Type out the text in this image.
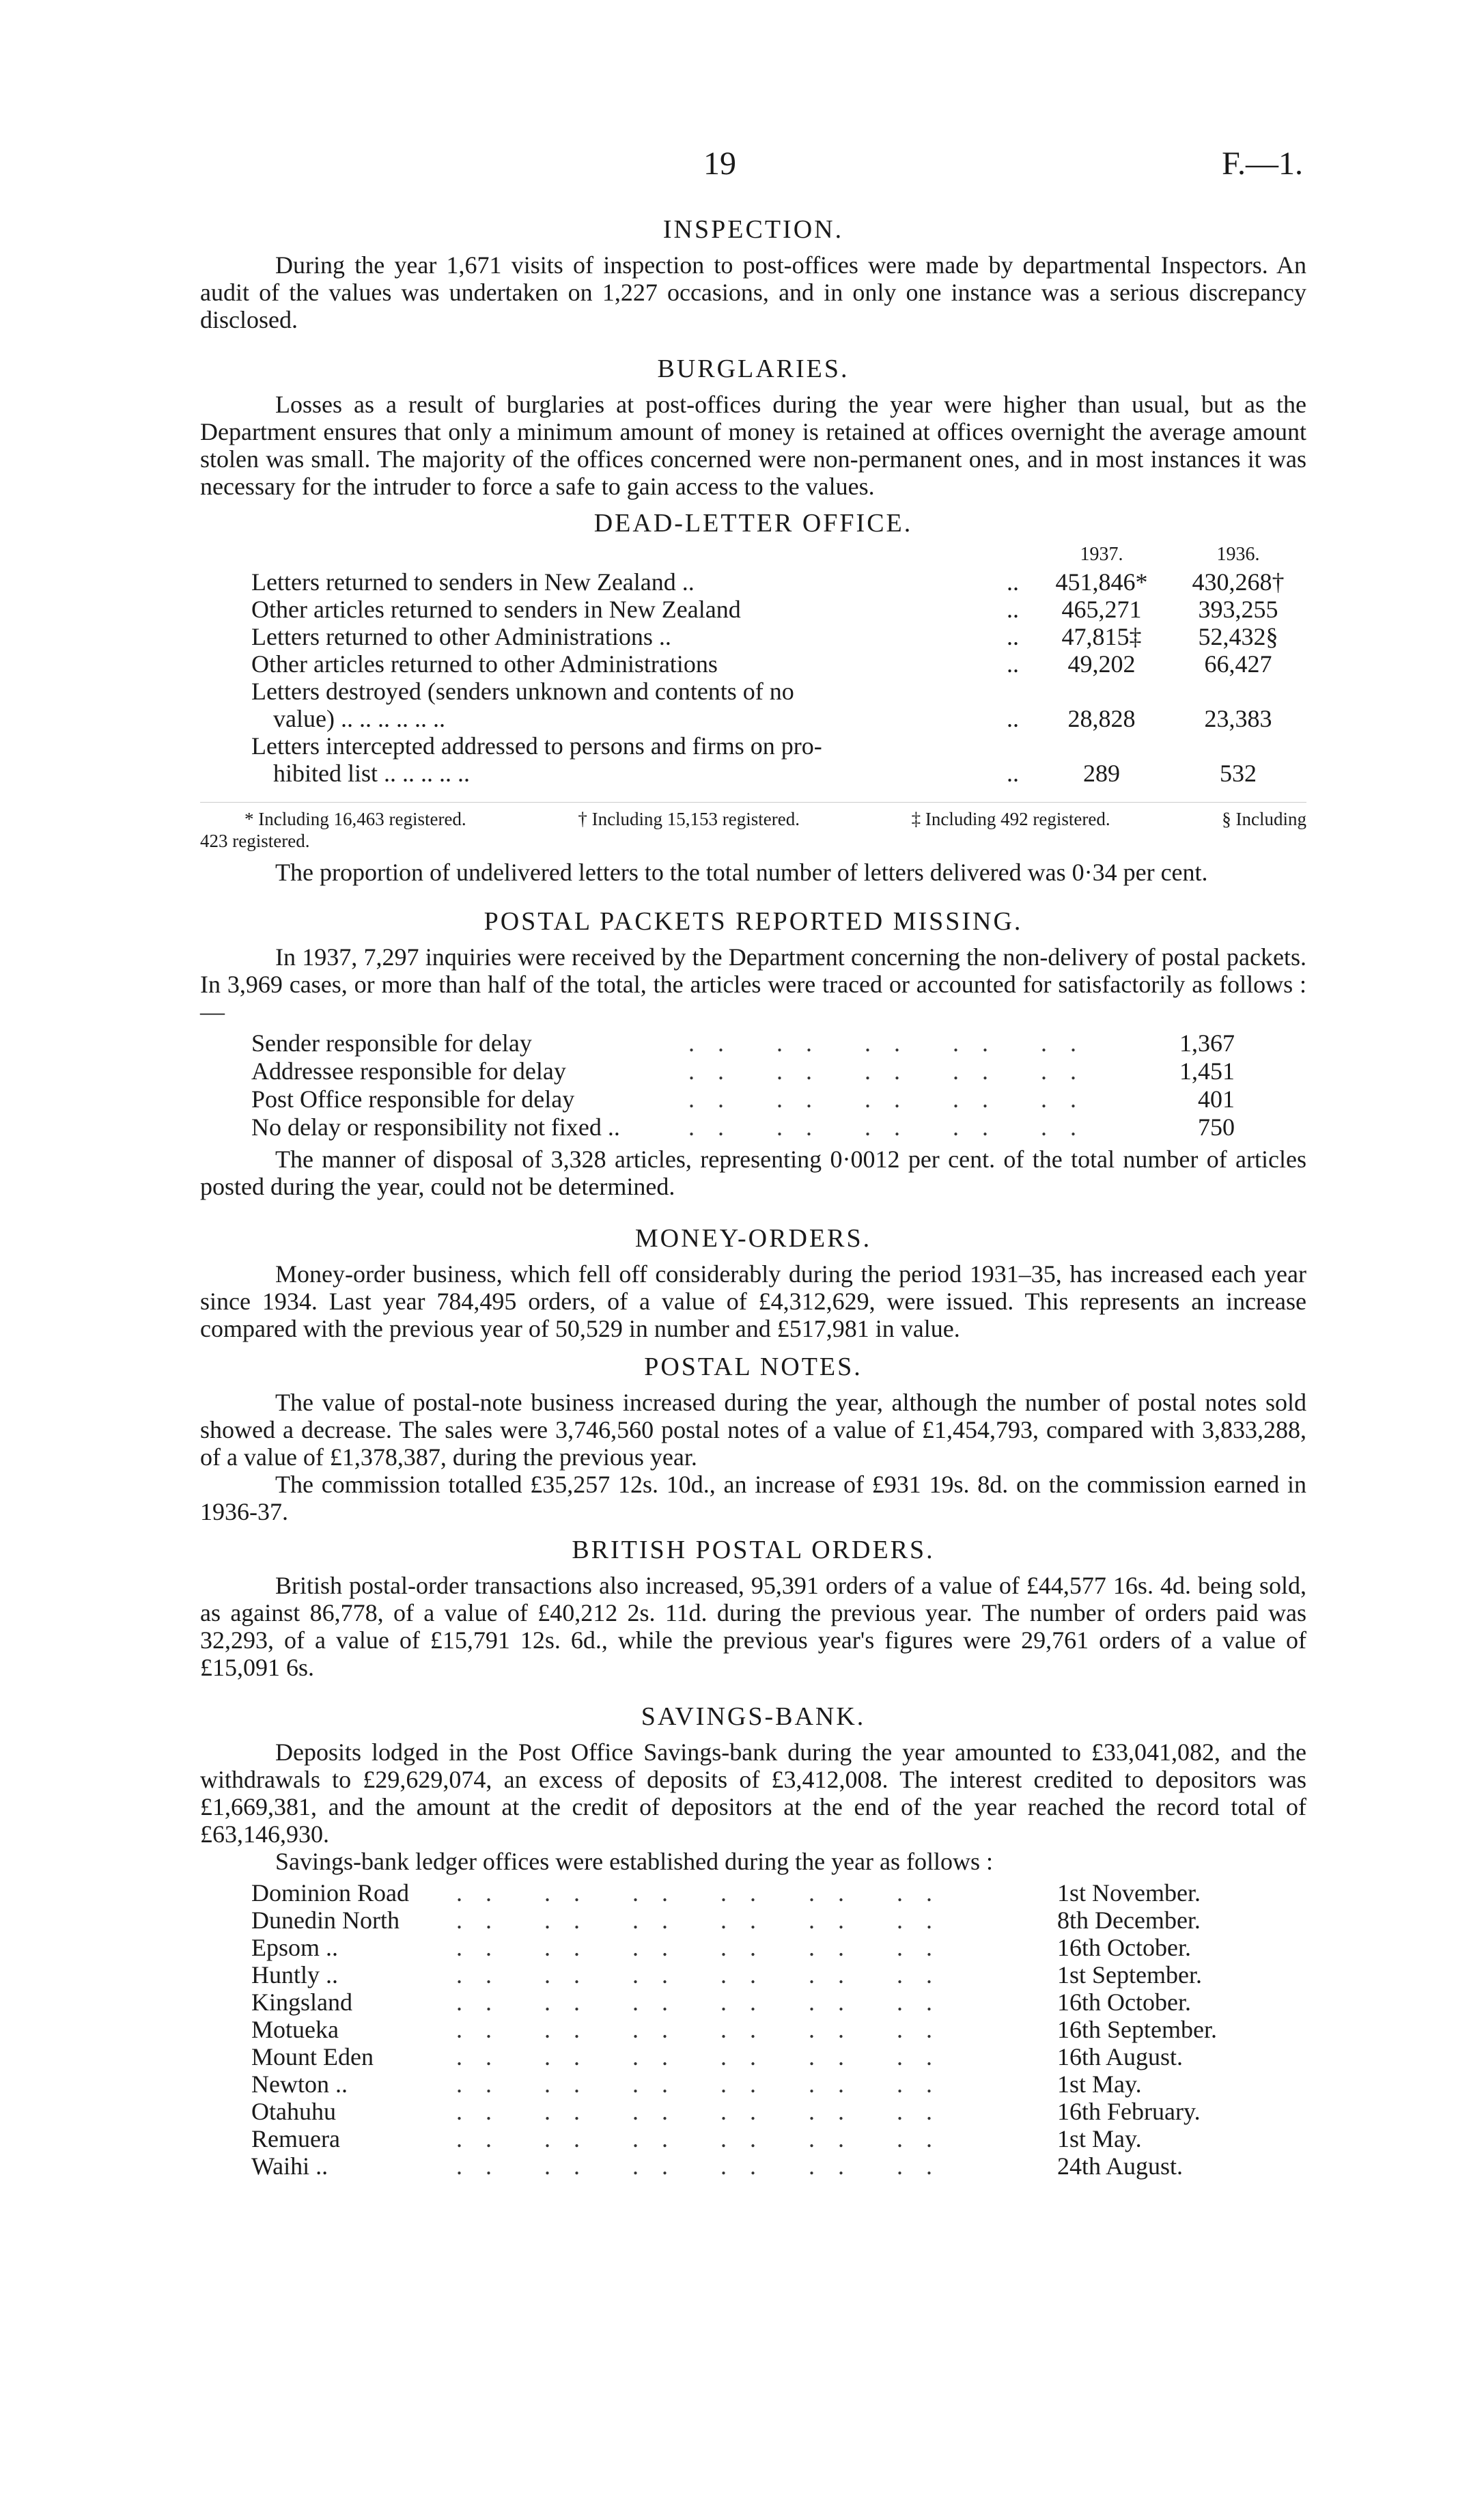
19	F.—1.
INSPECTION.

During the year 1,671 visits of inspection to post-offices were made by departmental Inspectors. An audit of the values was undertaken on 1,227 occasions, and in only one instance was a serious discrepancy disclosed.

BURGLARIES.

Losses as a result of burglaries at post-offices during the year were higher than usual, but as the Department ensures that only a minimum amount of money is retained at offices overnight the average amount stolen was small. The majority of the offices concerned were non-permanent ones, and in most instances it was necessary for the intruder to force a safe to gain access to the values.

DEAD-LETTER OFFICE.
		1937.	1936.
Letters returned to senders in New Zealand ..	..	451,846*	430,268†
Other articles returned to senders in New Zealand	..	465,271	393,255
Letters returned to other Administrations ..	..	47,815‡	52,432§
Other articles returned to other Administrations	..	49,202	66,427
Letters destroyed (senders unknown and contents of no
value) .. .. .. .. .. ..	..	28,828	23,383
Letters intercepted addressed to persons and firms on pro-
hibited list .. .. .. .. ..	..	289	532
* Including 16,463 registered.	† Including 15,153 registered.	‡ Including 492 registered.	§ Including
423 registered.

The proportion of undelivered letters to the total number of letters delivered was 0·34 per cent.

POSTAL PACKETS REPORTED MISSING.

In 1937, 7,297 inquiries were received by the Department concerning the non-delivery of postal packets. In 3,969 cases, or more than half of the total, the articles were traced or accounted for satisfactorily as follows :—

Sender responsible for delay	.. .. .. .. ..	1,367
Addressee responsible for delay	.. .. .. .. ..	1,451
Post Office responsible for delay	.. .. .. .. ..	401
No delay or responsibility not fixed ..	.. .. .. .. ..	750

The manner of disposal of 3,328 articles, representing 0·0012 per cent. of the total number of articles posted during the year, could not be determined.

MONEY-ORDERS.

Money-order business, which fell off considerably during the period 1931–35, has increased each year since 1934. Last year 784,495 orders, of a value of £4,312,629, were issued. This represents an increase compared with the previous year of 50,529 in number and £517,981 in value.

POSTAL NOTES.

The value of postal-note business increased during the year, although the number of postal notes sold showed a decrease. The sales were 3,746,560 postal notes of a value of £1,454,793, compared with 3,833,288, of a value of £1,378,387, during the previous year.

The commission totalled £35,257 12s. 10d., an increase of £931 19s. 8d. on the commission earned in 1936-37.

BRITISH POSTAL ORDERS.

British postal-order transactions also increased, 95,391 orders of a value of £44,577 16s. 4d. being sold, as against 86,778, of a value of £40,212 2s. 11d. during the previous year. The number of orders paid was 32,293, of a value of £15,791 12s. 6d., while the previous year's figures were 29,761 orders of a value of £15,091 6s.

SAVINGS-BANK.

Deposits lodged in the Post Office Savings-bank during the year amounted to £33,041,082, and the withdrawals to £29,629,074, an excess of deposits of £3,412,008. The interest credited to depositors was £1,669,381, and the amount at the credit of depositors at the end of the year reached the record total of £63,146,930.

Savings-bank ledger offices were established during the year as follows :

Dominion Road	.. .. .. .. .. ..	1st November.
Dunedin North	.. .. .. .. .. ..	8th December.
Epsom ..	.. .. .. .. .. ..	16th October.
Huntly ..	.. .. .. .. .. ..	1st September.
Kingsland	.. .. .. .. .. ..	16th October.
Motueka	.. .. .. .. .. ..	16th September.
Mount Eden	.. .. .. .. .. ..	16th August.
Newton ..	.. .. .. .. .. ..	1st May.
Otahuhu	.. .. .. .. .. ..	16th February.
Remuera	.. .. .. .. .. ..	1st May.
Waihi ..	.. .. .. .. .. ..	24th August.
